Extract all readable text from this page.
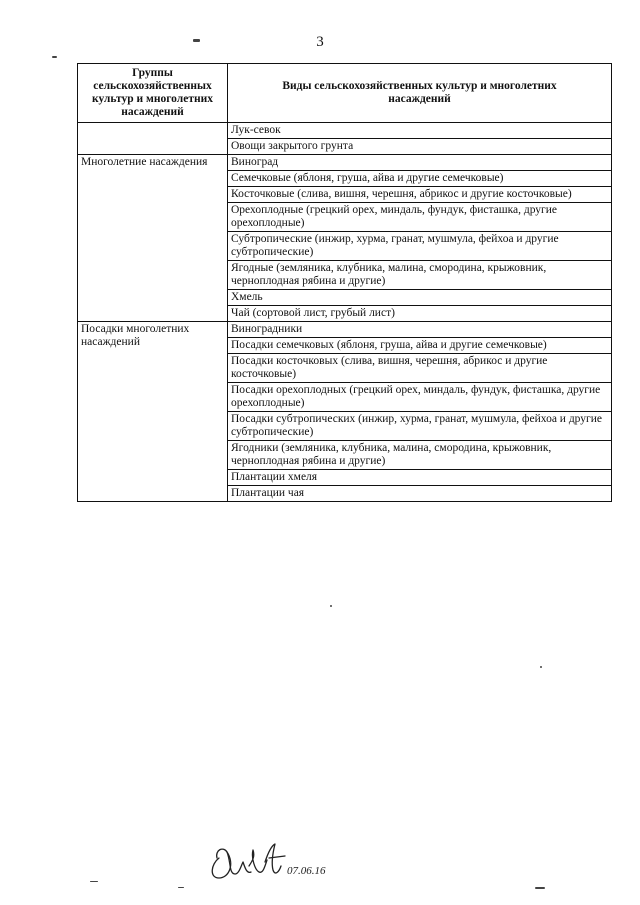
3
Группы сельскохозяйственных культур и многолетних насаждений	Виды сельскохозяйственных культур и многолетних насаждений
	Лук-севок
	Овощи закрытого грунта
Многолетние насаждения	Виноград
	Семечковые (яблоня, груша, айва и другие семечковые)
	Косточковые (слива, вишня, черешня, абрикос и другие косточковые)
	Орехоплодные (грецкий орех, миндаль, фундук, фисташка, другие орехоплодные)
	Субтропические (инжир, хурма, гранат, мушмула, фейхоа и другие субтропические)
	Ягодные (земляника, клубника, малина, смородина, крыжовник, черноплодная рябина и другие)
	Хмель
	Чай (сортовой лист, грубый лист)
Посадки многолетних насаждений	Виноградники
	Посадки семечковых (яблоня, груша, айва и другие семечковые)
	Посадки косточковых (слива, вишня, черешня, абрикос и другие косточковые)
	Посадки орехоплодных (грецкий орех, миндаль, фундук, фисташка, другие орехоплодные)
	Посадки субтропических (инжир, хурма, гранат, мушмула, фейхоа и другие субтропические)
	Ягодники (земляника, клубника, малина, смородина, крыжовник, черноплодная рябина и другие)
	Плантации хмеля
	Плантации чая
07.06.16
